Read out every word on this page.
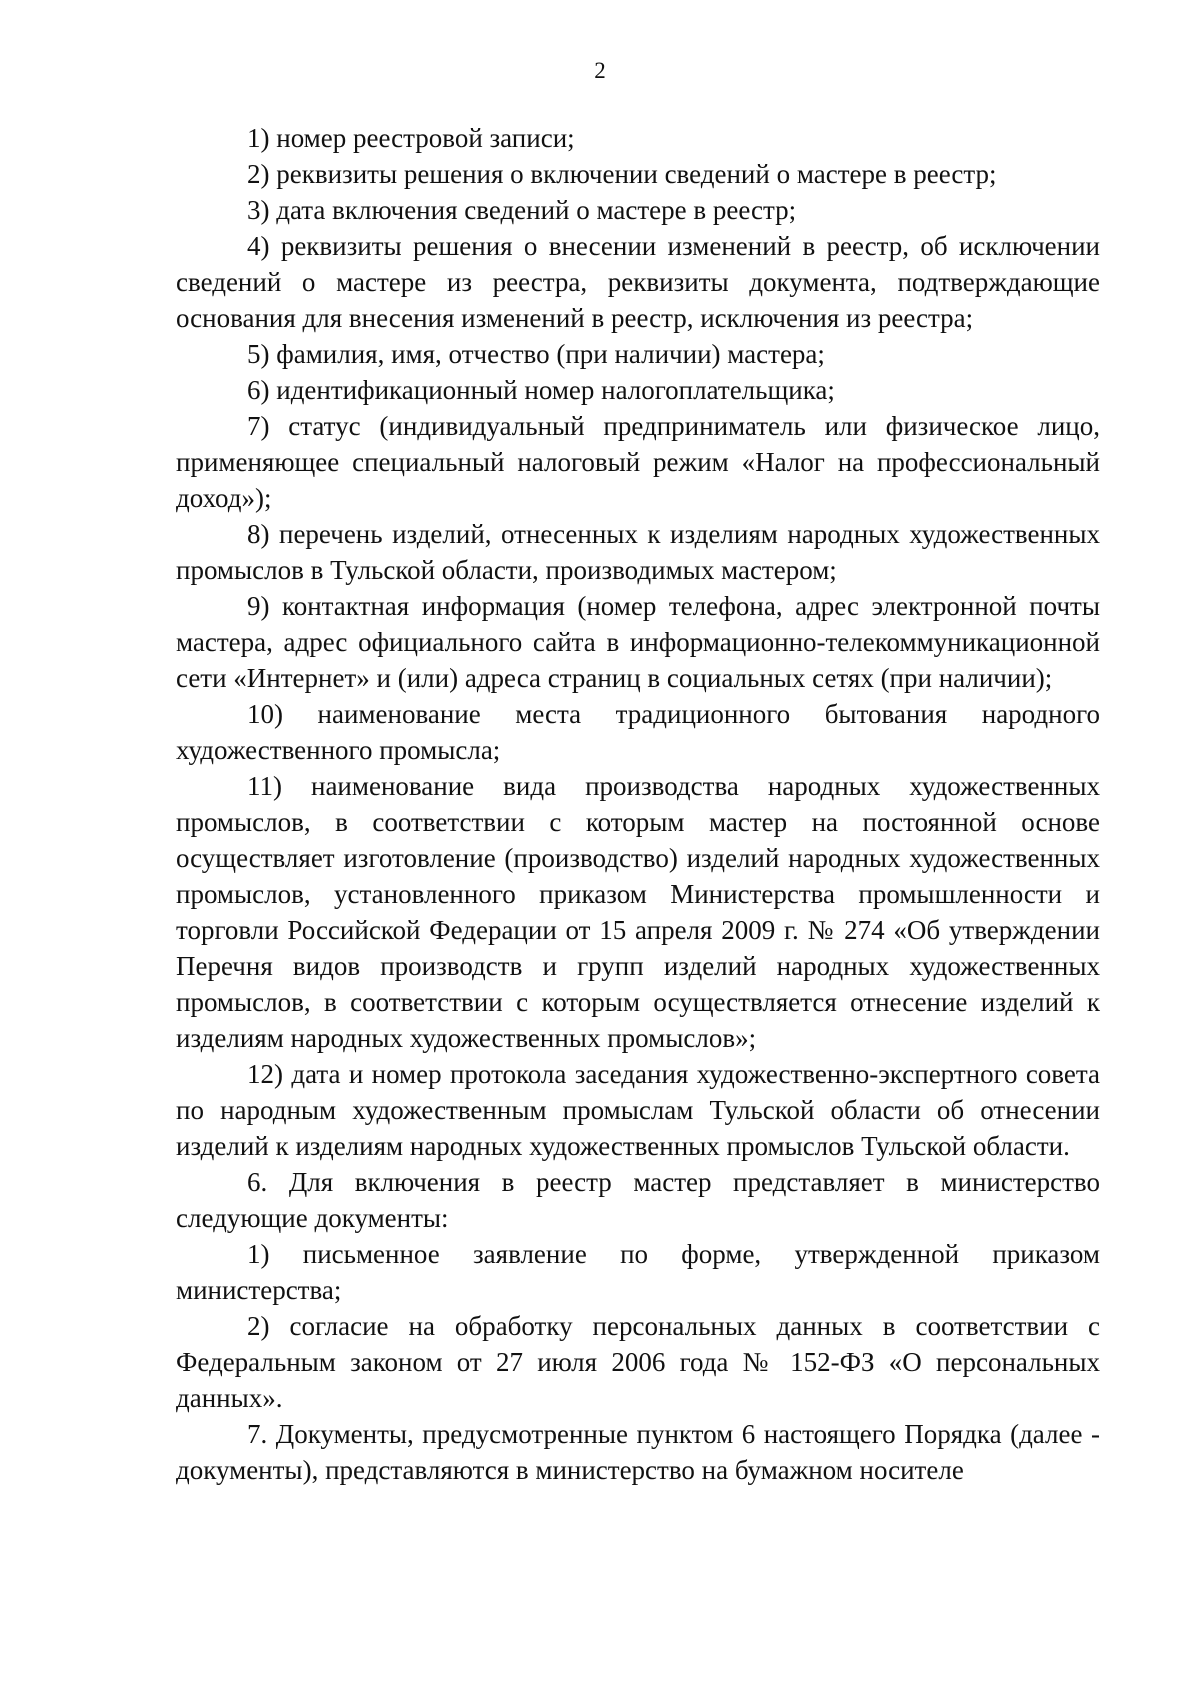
2

1) номер реестровой записи;

2) реквизиты решения о включении сведений о мастере в реестр;

3) дата включения сведений о мастере в реестр;

4) реквизиты решения о внесении изменений в реестр, об исключении сведений о мастере из реестра, реквизиты документа, подтверждающие основания для внесения изменений в реестр, исключения из реестра;

5) фамилия, имя, отчество (при наличии) мастера;

6) идентификационный номер налогоплательщика;

7) статус (индивидуальный предприниматель или физическое лицо, применяющее специальный налоговый режим «Налог на профессиональный доход»);

8) перечень изделий, отнесенных к изделиям народных художественных промыслов в Тульской области, производимых мастером;

9) контактная информация (номер телефона, адрес электронной почты мастера, адрес официального сайта в информационно-телекоммуникационной сети «Интернет» и (или) адреса страниц в социальных сетях (при наличии);

10) наименование места традиционного бытования народного художественного промысла;

11) наименование вида производства народных художественных промыслов, в соответствии с которым мастер на постоянной основе осуществляет изготовление (производство) изделий народных художественных промыслов, установленного приказом Министерства промышленности и торговли Российской Федерации от 15 апреля 2009 г. № 274 «Об утверждении Перечня видов производств и групп изделий народных художественных промыслов, в соответствии с которым осуществляется отнесение изделий к изделиям народных художественных промыслов»;

12) дата и номер протокола заседания художественно-экспертного совета по народным художественным промыслам Тульской области об отнесении изделий к изделиям народных художественных промыслов Тульской области.

6. Для включения в реестр мастер представляет в министерство следующие документы:

1) письменное заявление по форме, утвержденной приказом министерства;

2) согласие на обработку персональных данных в соответствии с Федеральным законом от 27 июля 2006 года № 152-ФЗ «О персональных данных».

7. Документы, предусмотренные пунктом 6 настоящего Порядка (далее - документы), представляются в министерство на бумажном носителе
